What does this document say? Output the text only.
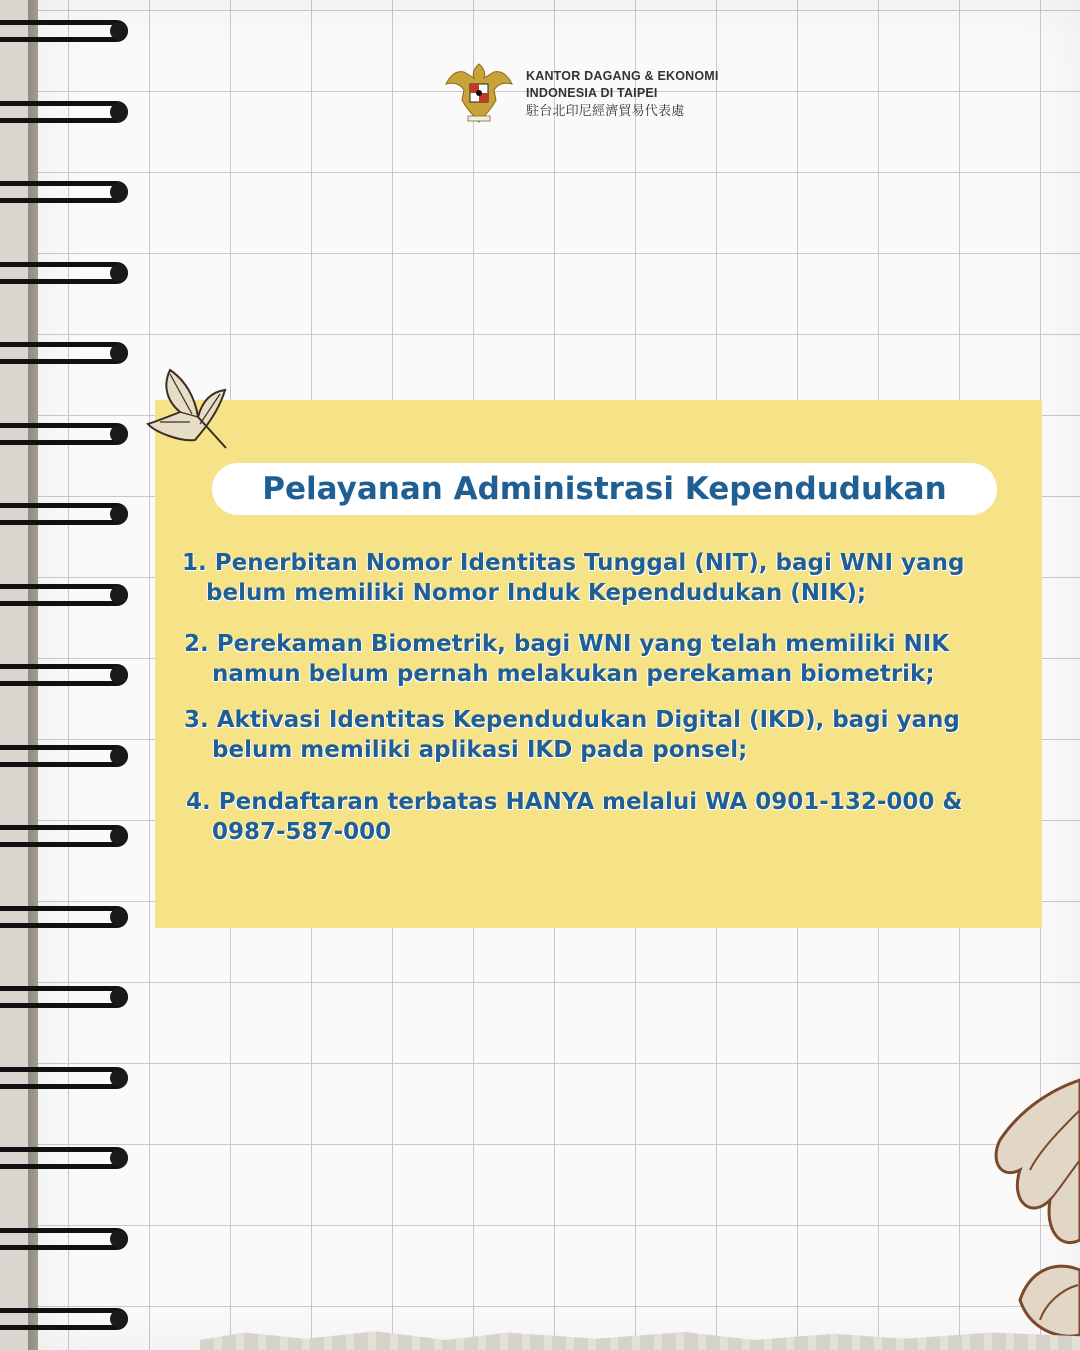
KANTOR DAGANG & EKONOMI
INDONESIA DI TAIPEI
駐台北印尼經濟貿易代表處
Pelayanan Administrasi Kependudukan
1. Penerbitan Nomor Identitas Tunggal (NIT), bagi WNI yang
belum memiliki Nomor Induk Kependudukan (NIK);
2. Perekaman Biometrik, bagi WNI yang telah memiliki NIK
namun belum pernah melakukan perekaman biometrik;
3. Aktivasi Identitas Kependudukan Digital (IKD), bagi yang
belum memiliki aplikasi IKD pada ponsel;
4. Pendaftaran terbatas HANYA melalui WA 0901-132-000 &
0987-587-000
